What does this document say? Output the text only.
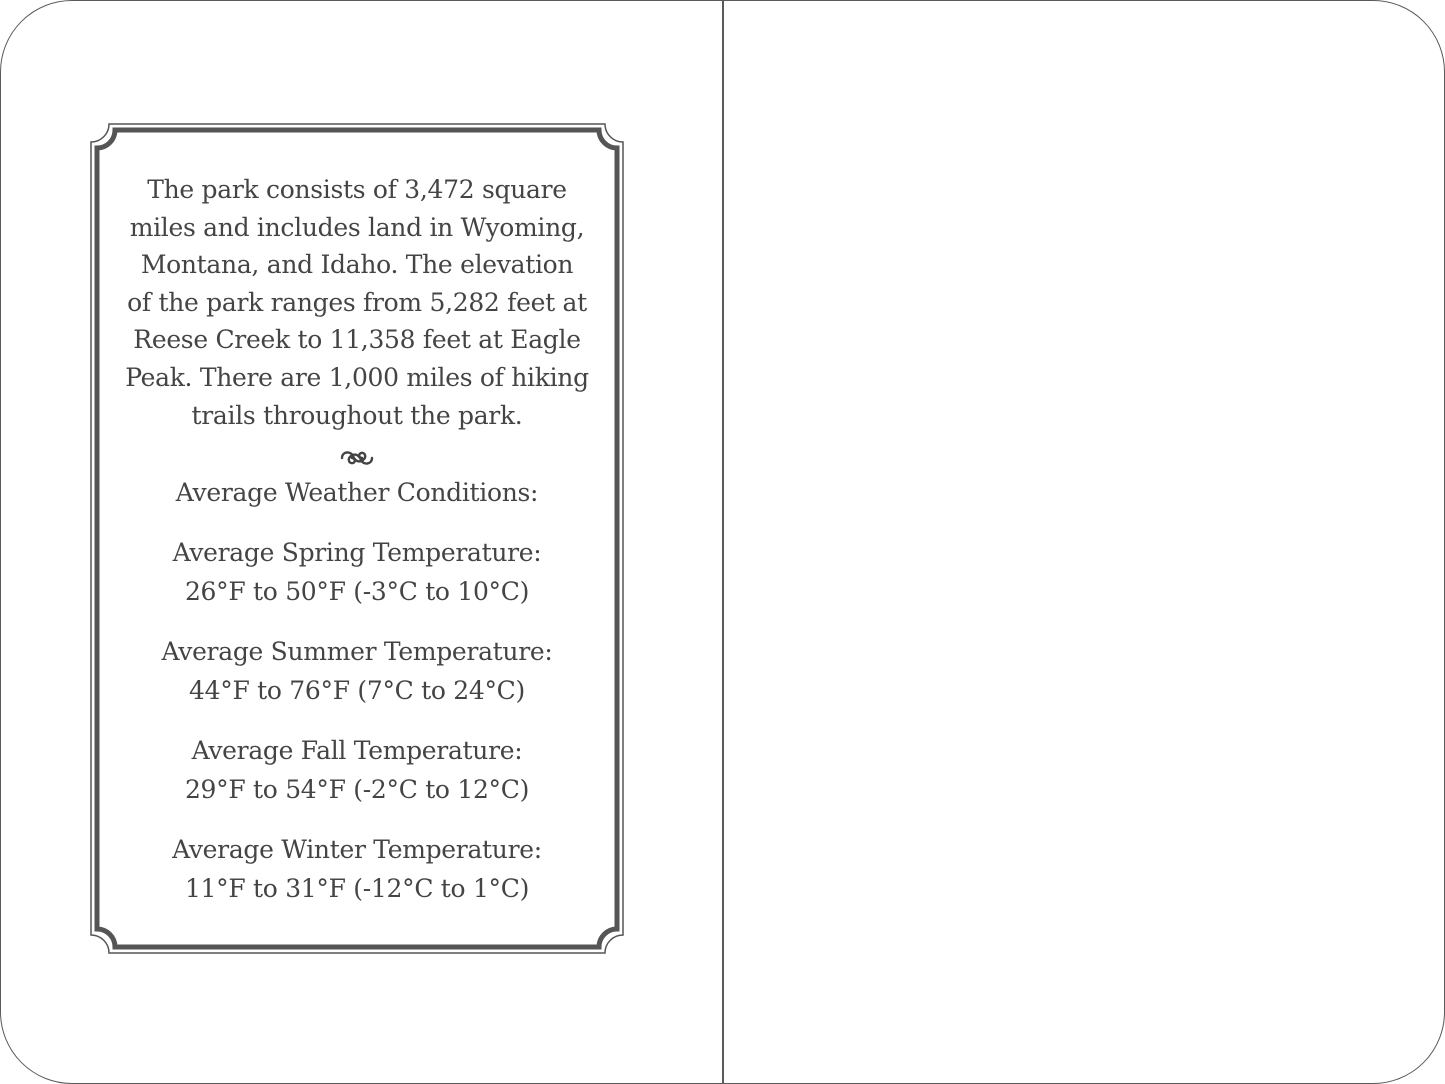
The park consists of 3,472 square
miles and includes land in Wyoming,
Montana, and Idaho. The elevation
of the park ranges from 5,282 feet at
Reese Creek to 11,358 feet at Eagle
Peak. There are 1,000 miles of hiking
trails throughout the park.
Average Weather Conditions:
Average Spring Temperature:
26°F to 50°F (-3°C to 10°C)
Average Summer Temperature:
44°F to 76°F (7°C to 24°C)
Average Fall Temperature:
29°F to 54°F (-2°C to 12°C)
Average Winter Temperature:
11°F to 31°F (-12°C to 1°C)
